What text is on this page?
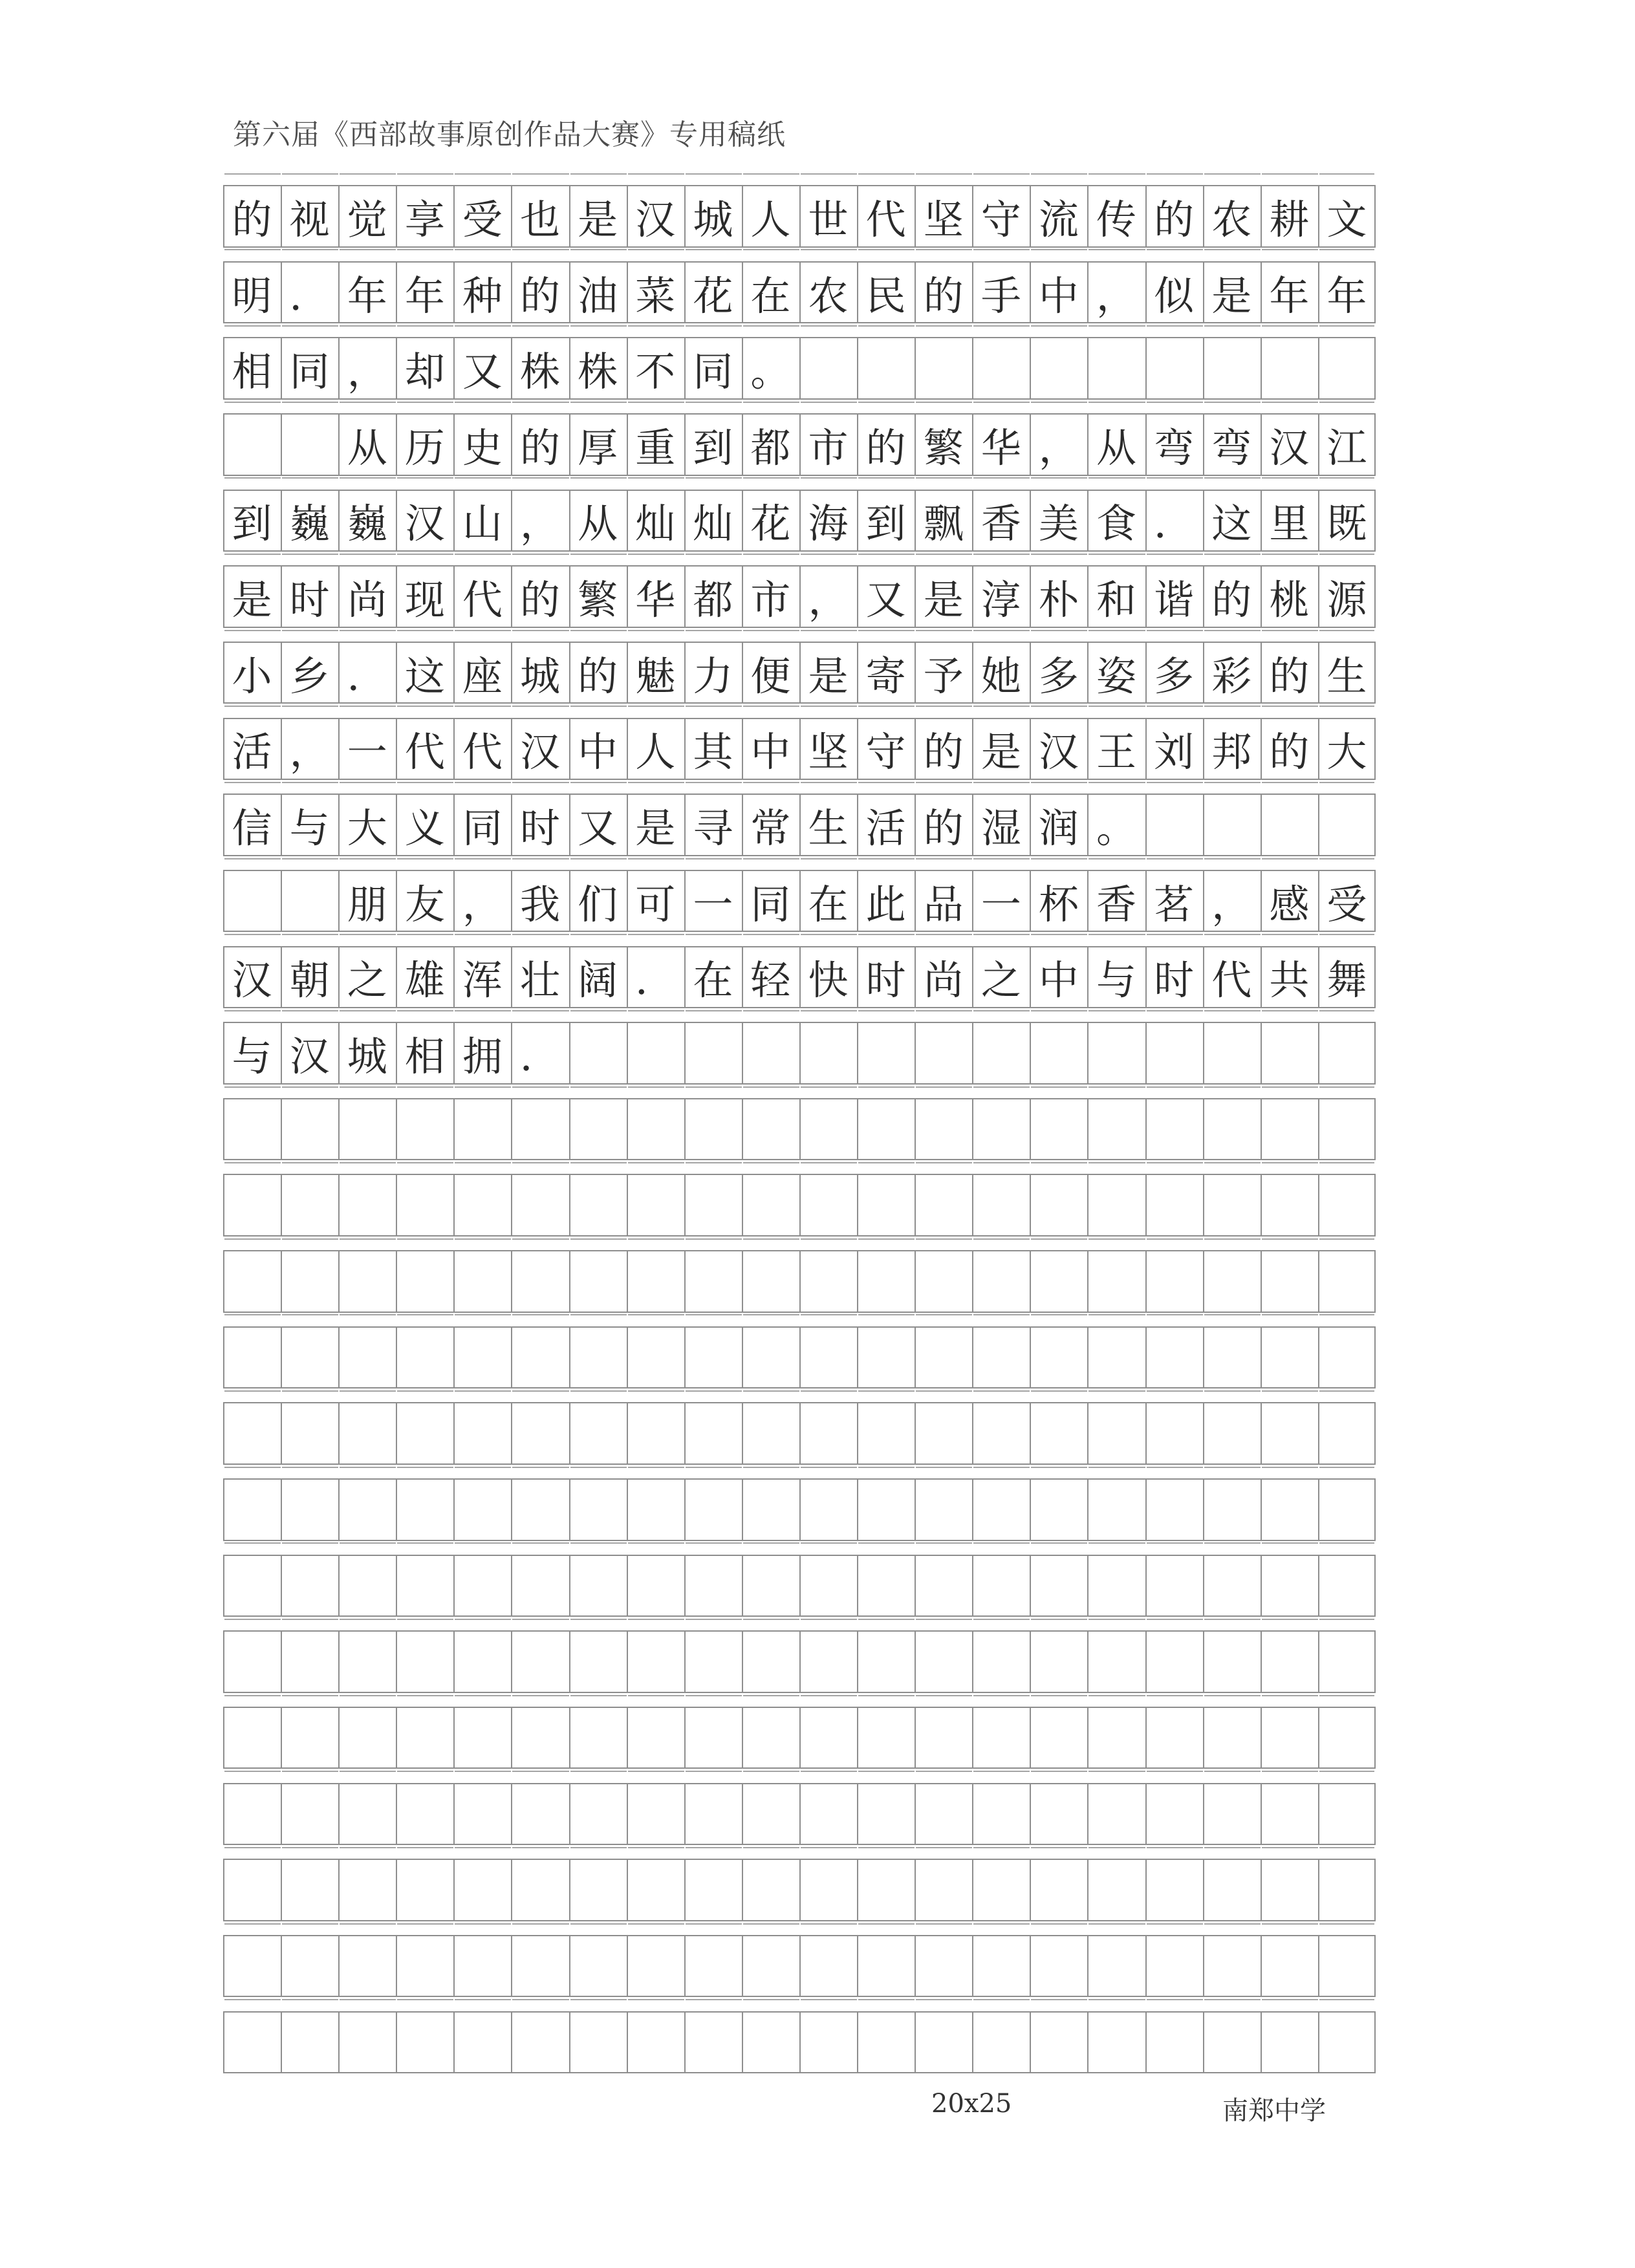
第六届《西部故事原创作品大赛》专用稿纸
的 视 觉 享 受 也 是 汉 城 人 世 代 坚 守 流 传 的 农 耕 文
明 ． 年 年 种 的 油 菜 花 在 农 民 的 手 中 ， 似 是 年 年
相 同 ， 却 又 株 株 不 同 。

从 历 史 的 厚 重 到 都 市 的 繁 华 ， 从 弯 弯 汉 江
到 巍 巍 汉 山 ， 从 灿 灿 花 海 到 飘 香 美 食 ． 这 里 既
是 时 尚 现 代 的 繁 华 都 市 ， 又 是 淳 朴 和 谐 的 桃 源
小 乡 ． 这 座 城 的 魅 力 便 是 寄 予 她 多 姿 多 彩 的 生
活 ， 一 代 代 汉 中 人 其 中 坚 守 的 是 汉 王 刘 邦 的 大
信 与 大 义 同 时 又 是 寻 常 生 活 的 湿 润 。

朋 友 ， 我 们 可 一 同 在 此 品 一 杯 香 茗 ， 感 受
汉 朝 之 雄 浑 壮 阔 ． 在 轻 快 时 尚 之 中 与 时 代 共 舞
与 汉 城 相 拥 ．
20x25	南郑中学
